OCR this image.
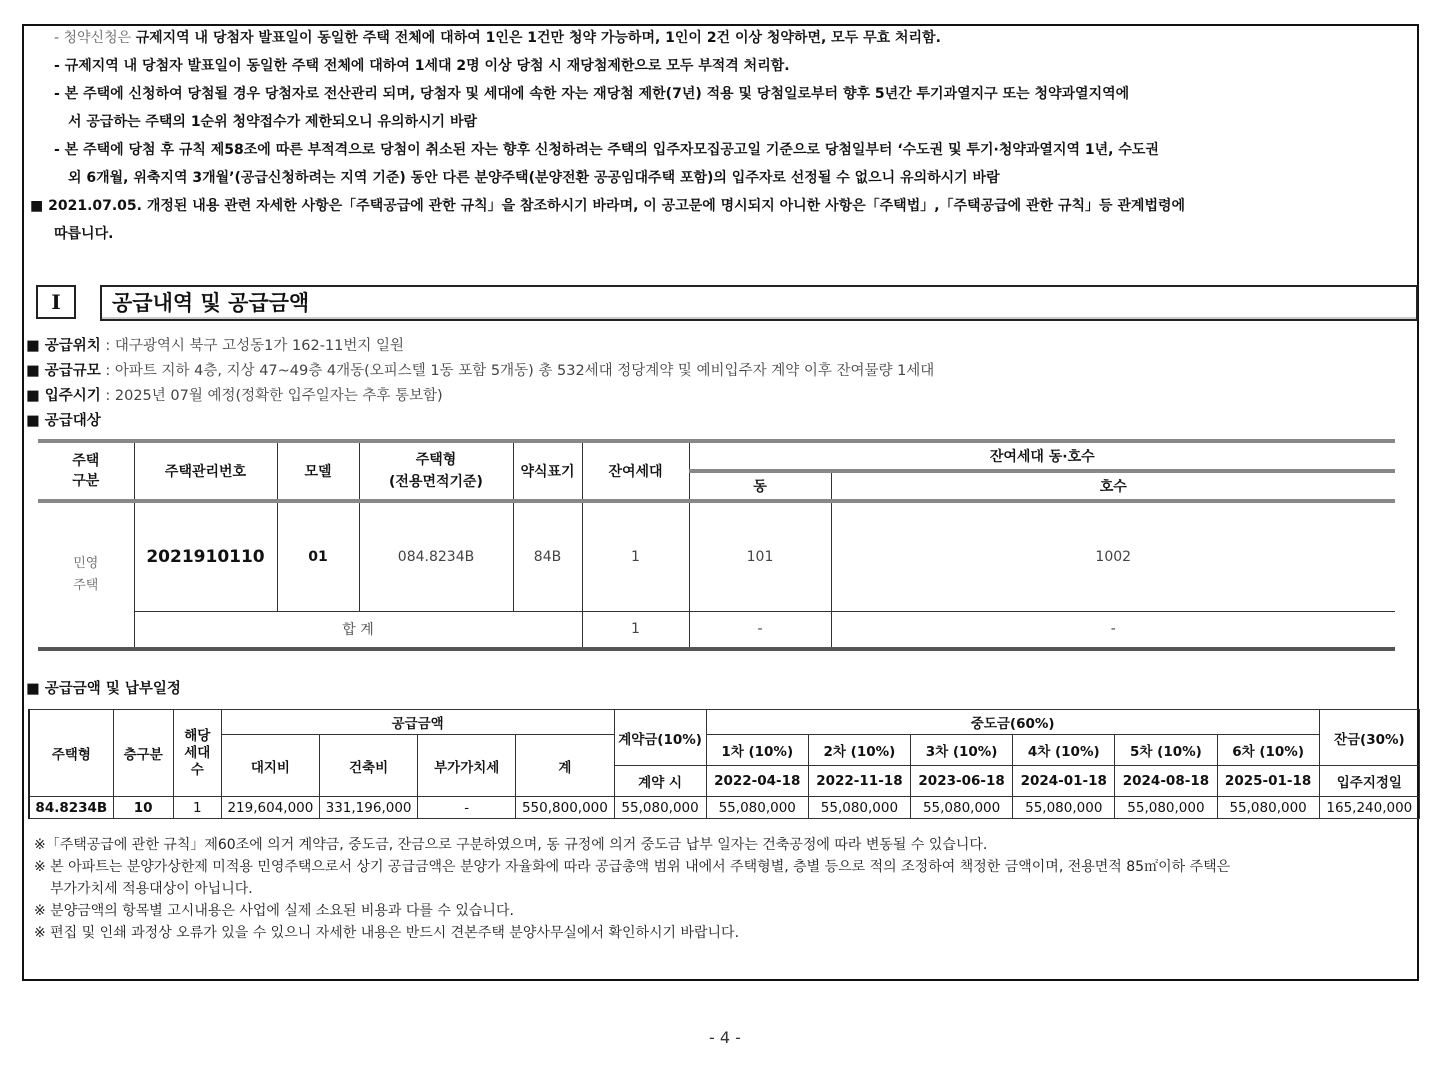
- 청약신청은 규제지역 내 당첨자 발표일이 동일한 주택 전체에 대하여 1인은 1건만 청약 가능하며, 1인이 2건 이상 청약하면, 모두 무효 처리함.
- 규제지역 내 당첨자 발표일이 동일한 주택 전체에 대하여 1세대 2명 이상 당첨 시 재당첨제한으로 모두 부적격 처리함.
- 본 주택에 신청하여 당첨될 경우 당첨자로 전산관리 되며, 당첨자 및 세대에 속한 자는 재당첨 제한(7년) 적용 및 당첨일로부터 향후 5년간 투기과열지구 또는 청약과열지역에
서 공급하는 주택의 1순위 청약접수가 제한되오니 유의하시기 바람
- 본 주택에 당첨 후 규칙 제58조에 따른 부적격으로 당첨이 취소된 자는 향후 신청하려는 주택의 입주자모집공고일 기준으로 당첨일부터 ‘수도권 및 투기·청약과열지역 1년, 수도권
외 6개월, 위축지역 3개월’(공급신청하려는 지역 기준) 동안 다른 분양주택(분양전환 공공임대주택 포함)의 입주자로 선정될 수 없으니 유의하시기 바람
■ 2021.07.05. 개정된 내용 관련 자세한 사항은「주택공급에 관한 규칙」을 참조하시기 바라며, 이 공고문에 명시되지 아니한 사항은「주택법」,「주택공급에 관한 규칙」등 관계법령에
따릅니다.
I	공급내역 및 공급금액
■ 공급위치 : 대구광역시 북구 고성동1가 162-11번지 일원
■ 공급규모 : 아파트 지하 4층, 지상 47~49층 4개동(오피스텔 1동 포함 5개동) 총 532세대 정당계약 및 예비입주자 계약 이후 잔여물량 1세대
■ 입주시기 : 2025년 07월 예정(정확한 입주일자는 추후 통보함)
■ 공급대상
주택
구분	주택관리번호	모델	주택형
(전용면적기준)	약식표기	잔여세대	잔여세대 동·호수	
						동	호수
민영
주택	2021910110	01	084.8234B	84B	1	101	1002
	합 계				1	-	-
■ 공급금액 및 납부일정
주택형	층구분	해당
세대
수	공급금액				계약금(10%)	중도금(60%)						잔금(30%)
			대지비	건축비	부가가치세	계		1차 (10%)	2차 (10%)	3차 (10%)	4차 (10%)	5차 (10%)	6차 (10%)	
							계약 시	2022-04-18	2022-11-18	2023-06-18	2024-01-18	2024-08-18	2025-01-18	입주지정일
84.8234B	10	1	219,604,000	331,196,000	-	550,800,000	55,080,000	55,080,000	55,080,000	55,080,000	55,080,000	55,080,000	55,080,000	165,240,000
※「주택공급에 관한 규칙」제60조에 의거 계약금, 중도금, 잔금으로 구분하였으며, 동 규정에 의거 중도금 납부 일자는 건축공정에 따라 변동될 수 있습니다.
※ 본 아파트는 분양가상한제 미적용 민영주택으로서 상기 공급금액은 분양가 자율화에 따라 공급총액 범위 내에서 주택형별, 층별 등으로 적의 조정하여 책정한 금액이며, 전용면적 85㎡이하 주택은
부가가치세 적용대상이 아닙니다.
※ 분양금액의 항목별 고시내용은 사업에 실제 소요된 비용과 다를 수 있습니다.
※ 편집 및 인쇄 과정상 오류가 있을 수 있으니 자세한 내용은 반드시 견본주택 분양사무실에서 확인하시기 바랍니다.
- 4 -
